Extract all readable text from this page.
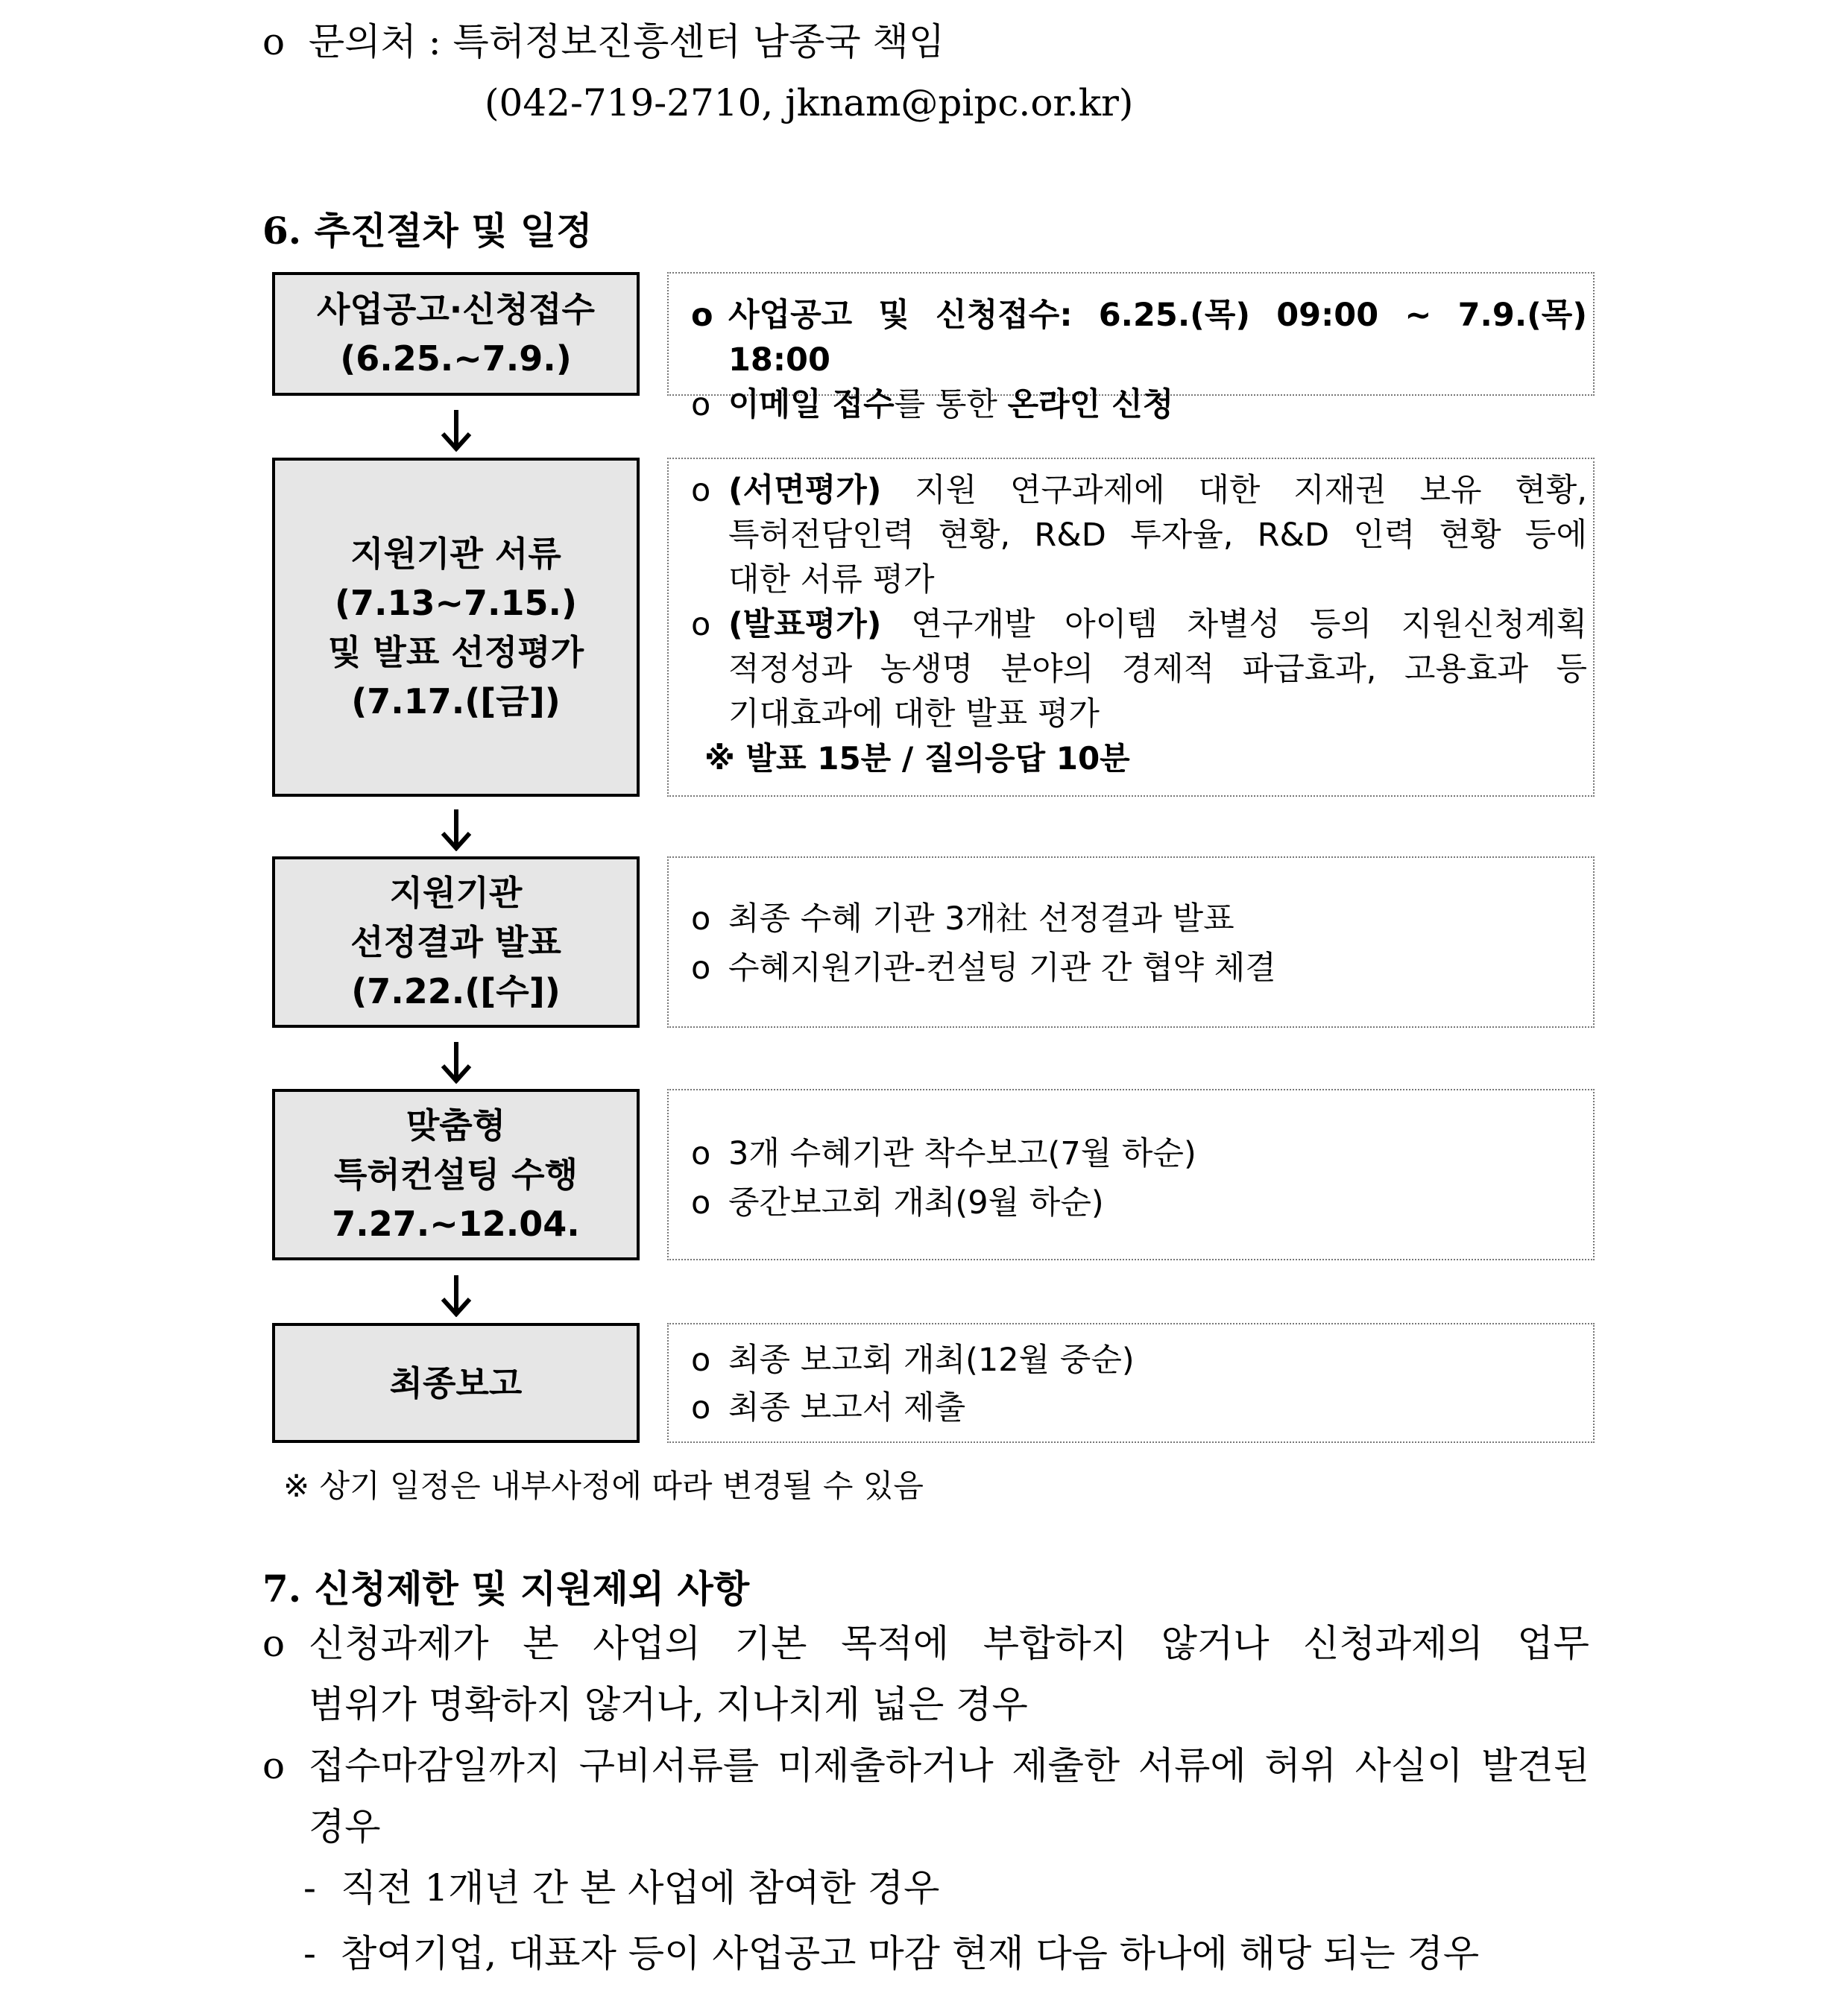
o 문의처 : 특허정보진흥센터 남종국 책임
(042-719-2710, jknam@pipc.or.kr)
6. 추진절차 및 일정
사업공고·신청접수
(6.25.~7.9.)
o 사업공고 및 신청접수: 6.25.(목) 09:00 ~ 7.9.(목) 18:00
o 이메일 접수를 통한 온라인 신청
지원기관 서류
(7.13~7.15.)
및 발표 선정평가
(7.17.([금])
o (서면평가) 지원 연구과제에 대한 지재권 보유 현황,
특허전담인력 현황, R&D 투자율, R&D 인력 현황 등에
대한 서류 평가
o (발표평가) 연구개발 아이템 차별성 등의 지원신청계획
적정성과 농생명 분야의 경제적 파급효과, 고용효과 등
기대효과에 대한 발표 평가
※ 발표 15분 / 질의응답 10분
지원기관
선정결과 발표
(7.22.([수])
o 최종 수혜 기관 3개社 선정결과 발표
o 수혜지원기관-컨설팅 기관 간 협약 체결
맞춤형
특허컨설팅 수행
7.27.~12.04.
o 3개 수혜기관 착수보고(7월 하순)
o 중간보고회 개최(9월 하순)
최종보고
o 최종 보고회 개최(12월 중순)
o 최종 보고서 제출
※ 상기 일정은 내부사정에 따라 변경될 수 있음
7. 신청제한 및 지원제외 사항
o 신청과제가 본 사업의 기본 목적에 부합하지 않거나 신청과제의 업무
범위가 명확하지 않거나, 지나치게 넓은 경우
o 접수마감일까지 구비서류를 미제출하거나 제출한 서류에 허위 사실이 발견된
경우
- 직전 1개년 간 본 사업에 참여한 경우
- 참여기업, 대표자 등이 사업공고 마감 현재 다음 하나에 해당 되는 경우
